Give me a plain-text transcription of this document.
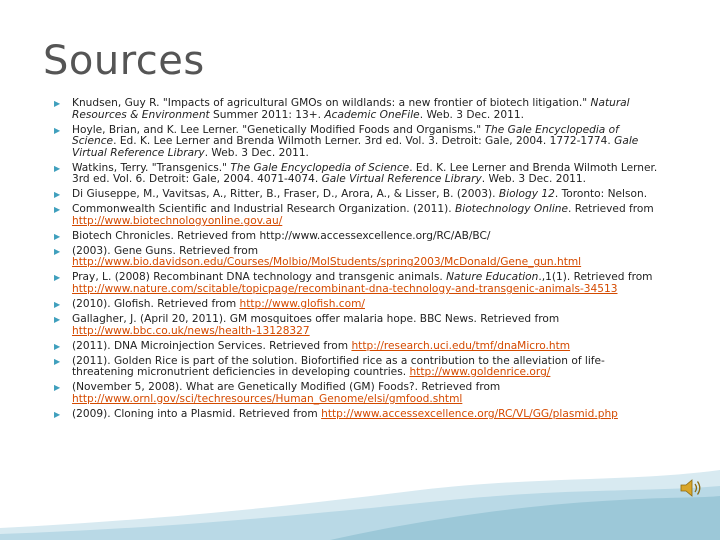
Sources
▶ Knudsen, Guy R. "Impacts of agricultural GMOs on wildlands: a new frontier of biotech litigation." Natural Resources & Environment Summer 2011: 13+. Academic OneFile. Web. 3 Dec. 2011.
▶ Hoyle, Brian, and K. Lee Lerner. "Genetically Modified Foods and Organisms." The Gale Encyclopedia of Science. Ed. K. Lee Lerner and Brenda Wilmoth Lerner. 3rd ed. Vol. 3. Detroit: Gale, 2004. 1772-1774. Gale Virtual Reference Library. Web. 3 Dec. 2011.
▶ Watkins, Terry. "Transgenics." The Gale Encyclopedia of Science. Ed. K. Lee Lerner and Brenda Wilmoth Lerner. 3rd ed. Vol. 6. Detroit: Gale, 2004. 4071-4074. Gale Virtual Reference Library. Web. 3 Dec. 2011.
▶ Di Giuseppe, M., Vavitsas, A., Ritter, B., Fraser, D., Arora, A., & Lisser, B. (2003). Biology 12. Toronto: Nelson.
▶ Commonwealth Scientific and Industrial Research Organization. (2011). Biotechnology Online. Retrieved from http://www.biotechnologyonline.gov.au/
▶ Biotech Chronicles. Retrieved from http://www.accessexcellence.org/RC/AB/BC/
▶ (2003). Gene Guns. Retrieved from http://www.bio.davidson.edu/Courses/Molbio/MolStudents/spring2003/McDonald/Gene_gun.html
▶ Pray, L. (2008) Recombinant DNA technology and transgenic animals. Nature Education.,1(1). Retrieved from http://www.nature.com/scitable/topicpage/recombinant-dna-technology-and-transgenic-animals-34513
▶ (2010). Glofish. Retrieved from http://www.glofish.com/
▶ Gallagher, J. (April 20, 2011). GM mosquitoes offer malaria hope. BBC News. Retrieved from http://www.bbc.co.uk/news/health-13128327
▶ (2011). DNA Microinjection Services. Retrieved from http://research.uci.edu/tmf/dnaMicro.htm
▶ (2011). Golden Rice is part of the solution. Biofortified rice as a contribution to the alleviation of life-threatening micronutrient deficiencies in developing countries. http://www.goldenrice.org/
▶ (November 5, 2008). What are Genetically Modified (GM) Foods?. Retrieved from http://www.ornl.gov/sci/techresources/Human_Genome/elsi/gmfood.shtml
▶ (2009). Cloning into a Plasmid. Retrieved from http://www.accessexcellence.org/RC/VL/GG/plasmid.php
